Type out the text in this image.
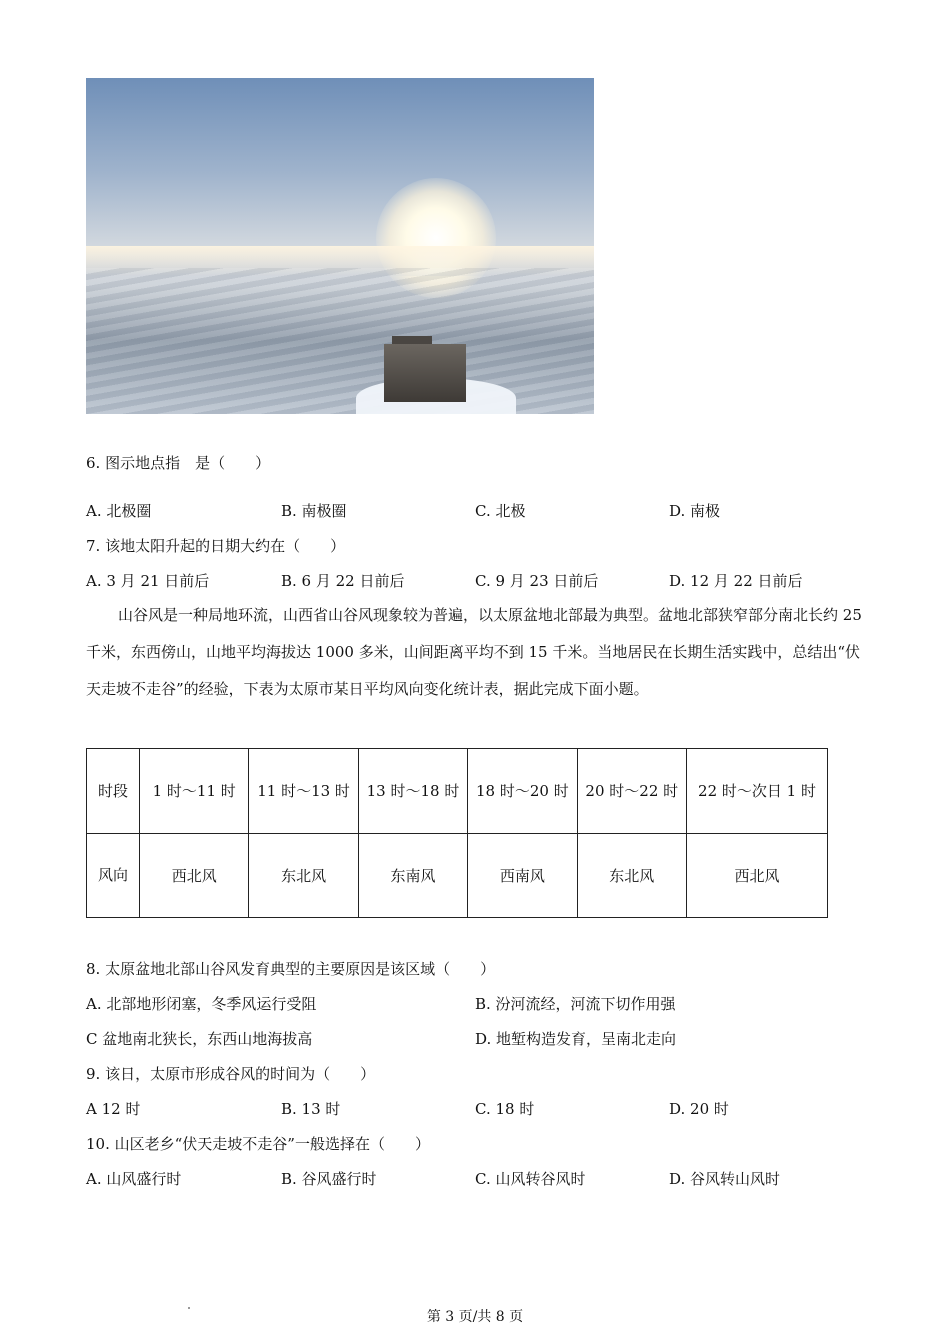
6. 图示地点指　是（　　）
A. 北极圈	B. 南极圈	C. 北极	D. 南极
7. 该地太阳升起的日期大约在（　　）
A. 3 月 21 日前后	B. 6 月 22 日前后	C. 9 月 23 日前后	D. 12 月 22 日前后
山谷风是一种局地环流，山西省山谷风现象较为普遍，以太原盆地北部最为典型。盆地北部狭窄部分南北长约 25 千米，东西傍山，山地平均海拔达 1000 多米，山间距离平均不到 15 千米。当地居民在长期生活实践中，总结出“伏天走坡不走谷”的经验，下表为太原市某日平均风向变化统计表，据此完成下面小题。
时段	1 时～11 时	11 时～13 时	13 时～18 时	18 时～20 时	20 时～22 时	22 时～次日 1 时
风向	西北风	东北风	东南风	西南风	东北风	西北风
8. 太原盆地北部山谷风发育典型的主要原因是该区域（　　）
A. 北部地形闭塞，冬季风运行受阻	B. 汾河流经，河流下切作用强
C 盆地南北狭长，东西山地海拔高	D. 地堑构造发育，呈南北走向
9. 该日，太原市形成谷风的时间为（　　）
A 12 时	B. 13 时	C. 18 时	D. 20 时
10. 山区老乡“伏天走坡不走谷”一般选择在（　　）
A. 山风盛行时	B. 谷风盛行时	C. 山风转谷风时	D. 谷风转山风时
第 3 页/共 8 页
